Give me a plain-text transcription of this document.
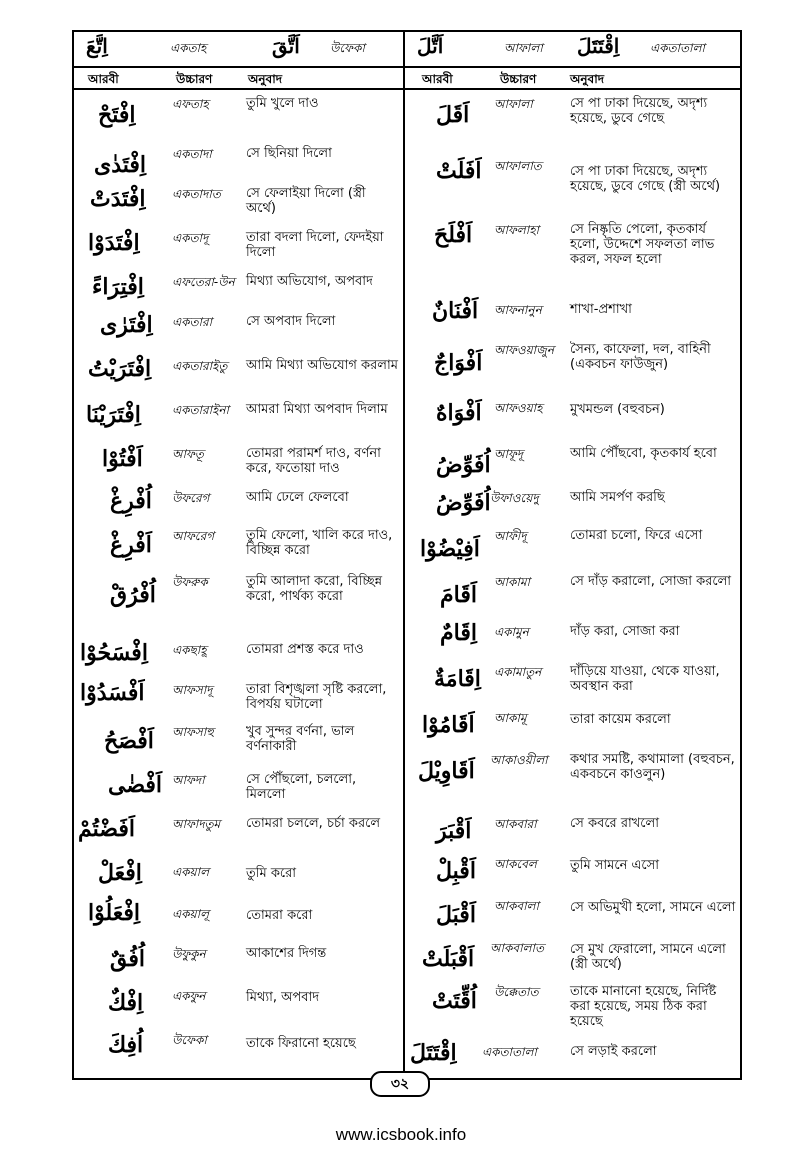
اِتَّعَ	একতাহ	اَتَّقَ	উফেকা	اَتَّلَ	আফালা اِقْتَتَلَ	একতাতালা
আরবী	উচ্চারণ	অনুবাদ	আরবী	উচ্চারণ	অনুবাদ
اِفْتَحْ	এফতাহ	তুমি খুলে দাও
اِفْتَدٰى একতাদা	সে ছিনিয়া দিলো
اِفْتَدَتْ একতাদাত সে ফেলাইয়া দিলো (স্ত্রী অর্থে)
اِفْتَدَوْا	একতাদূ	তারা বদলা দিলো, ফেদইয়া দিলো
اِفْتِرَاءً এফতেরা-উন মিথ্যা অভিযোগ, অপবাদ
اِفْتَرٰى একতারা	সে অপবাদ দিলো
اِفْتَرَيْتُ একতারাইতু আমি মিথ্যা অভিযোগ করলাম
اِفْتَرَيْنَا	একতারাইনা আমরা মিথ্যা অপবাদ দিলাম
اَفْتُوْا আফতূ	তোমরা পরামর্শ দাও, বর্ণনা করে, ফতোয়া দাও
اُفْرِغْ উফরেগ	আমি ঢেলে ফেলবো
اَفْرِغْ আফরেগ তুমি ফেলো, খালি করে দাও, বিচ্ছিন্ন করো
اُفْرُقْ উফরুক	তুমি আলাদা করো, বিচ্ছিন্ন করো, পার্থক্য করো
اِفْسَحُوْا একছাহূ	তোমরা প্রশস্ত করে দাও
اَفْسَدُوْا আফসাদূ	তারা বিশৃঙ্খলা সৃষ্টি করলো, বিপর্যয় ঘটালো
اَفْصَحُ আফসাহু খুব সুন্দর বর্ণনা, ভাল বর্ণনাকারী
اَفْضٰى আফদা	সে পৌঁছলো, চললো, মিললো
اَفَضْتُمْ	আফাদতুম তোমরা চললে, চর্চা করলে
اِفْعَلْ	একয়াল	তুমি করো
اِفْعَلُوْا	একয়ালূ	তোমরা করো
اُفُقٌ উফুকুন	আকাশের দিগন্ত
اِفْكٌ একফুন	মিথ্যা, অপবাদ
اُفِكَ উফেকা	তাকে ফিরানো হয়েছে
اَقَلَ আফালা	সে পা ঢাকা দিয়েছে, অদৃশ্য হয়েছে, ডুবে গেছে
اَفَلَتْ আফালাত সে পা ঢাকা দিয়েছে, অদৃশ্য হয়েছে, ডুবে গেছে (স্ত্রী অর্থে)
اَفْلَحَ আফলাহা সে নিষ্কৃতি পেলো, কৃতকার্য হলো, উদ্দেশে সফলতা লাভ করল, সফল হলো
اَفْنَانٌ আফনানুন শাখা-প্রশাখা
اَفْوَاجٌ আফওয়াজুন সৈন্য, কাফেলা, দল, বাহিনী (একবচন ফাউজুন)
اَفْوَاهٌ আফওয়াহ মুখমন্ডল (বহুবচন)
اُفَوِّضُ আফূদূ	আমি পৌঁছবো, কৃতকার্য হবো
اُفَوِّضُ উফাওয়েদু আমি সমর্পণ করছি
اَفِيْضُوْا আফীদূ	তোমরা চলো, ফিরে এসো
اَقَامَ আকামা	সে দাঁড় করালো, সোজা করলো
اِقَامٌ একামুন	দাঁড় করা, সোজা করা
اِقَامَةٌ একামাতুন দাঁড়িয়ে যাওয়া, থেকে যাওয়া, অবস্থান করা
اَقَامُوْا আকামূ	তারা কায়েম করলো
اَقَاوِيْلَ আকাওয়ীলা কথার সমষ্টি, কথামালা (বহুবচন, একবচনে কাওলুন)
اَقْبَرَ আকবারা	সে কবরে রাখলো
اَقْبِلْ আকবেল	তুমি সামনে এসো
اَقْبَلَ আকবালা সে অভিমুখী হলো, সামনে এলো
اَقْبَلَتْ আকবালাত সে মুখ ফেরালো, সামনে এলো (স্ত্রী অর্থে)
اُقِّتَتْ উক্কেতাত তাকে মানানো হয়েছে, নির্দিষ্ট করা হয়েছে, সময় ঠিক করা হয়েছে
اِقْتَتَلَ একতাতালা	সে লড়াই করলো
৩২
www.icsbook.info
